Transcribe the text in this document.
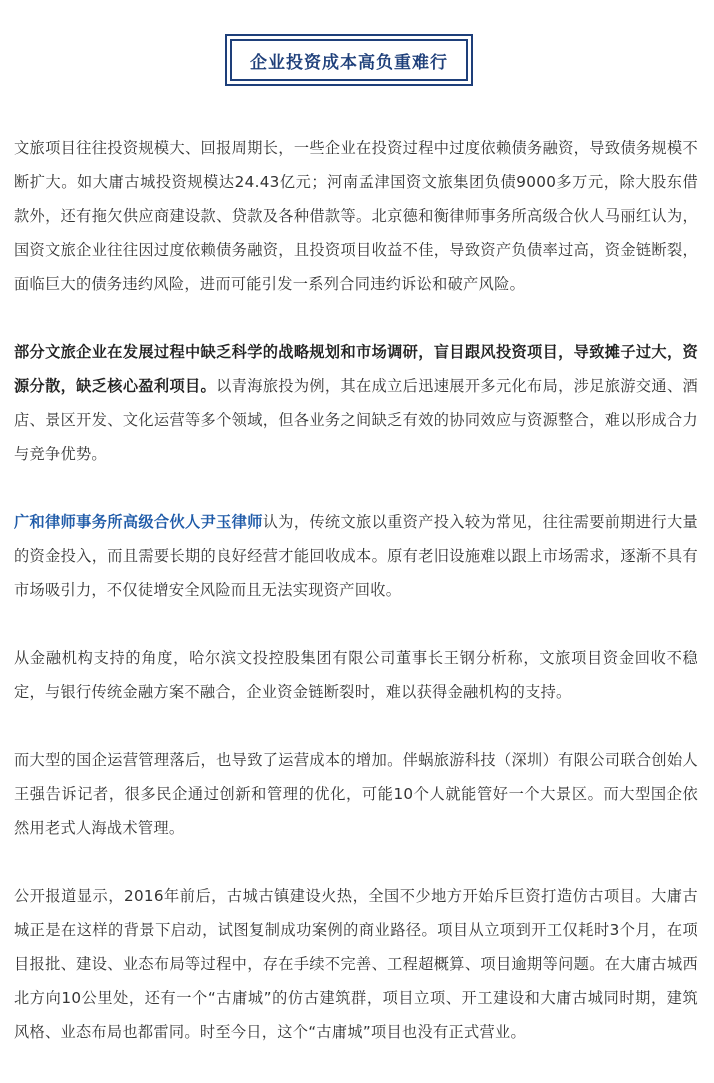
企业投资成本高负重难行

文旅项目往往投资规模大、回报周期长，一些企业在投资过程中过度依赖债务融资，导致债务规模不断扩大。如大庸古城投资规模达24.43亿元；河南孟津国资文旅集团负债9000多万元，除大股东借款外，还有拖欠供应商建设款、贷款及各种借款等。北京德和衡律师事务所高级合伙人马丽红认为，国资文旅企业往往因过度依赖债务融资，且投资项目收益不佳，导致资产负债率过高，资金链断裂，面临巨大的债务违约风险，进而可能引发一系列合同违约诉讼和破产风险。

部分文旅企业在发展过程中缺乏科学的战略规划和市场调研，盲目跟风投资项目，导致摊子过大，资源分散，缺乏核心盈利项目。以青海旅投为例，其在成立后迅速展开多元化布局，涉足旅游交通、酒店、景区开发、文化运营等多个领域，但各业务之间缺乏有效的协同效应与资源整合，难以形成合力与竞争优势。

广和律师事务所高级合伙人尹玉律师认为，传统文旅以重资产投入较为常见，往往需要前期进行大量的资金投入，而且需要长期的良好经营才能回收成本。原有老旧设施难以跟上市场需求，逐渐不具有市场吸引力，不仅徒增安全风险而且无法实现资产回收。

从金融机构支持的角度，哈尔滨文投控股集团有限公司董事长王钢分析称，文旅项目资金回收不稳定，与银行传统金融方案不融合，企业资金链断裂时，难以获得金融机构的支持。

而大型的国企运营管理落后，也导致了运营成本的增加。伴蜗旅游科技（深圳）有限公司联合创始人王强告诉记者，很多民企通过创新和管理的优化，可能10个人就能管好一个大景区。而大型国企依然用老式人海战术管理。

公开报道显示，2016年前后，古城古镇建设火热，全国不少地方开始斥巨资打造仿古项目。大庸古城正是在这样的背景下启动，试图复制成功案例的商业路径。项目从立项到开工仅耗时3个月，在项目报批、建设、业态布局等过程中，存在手续不完善、工程超概算、项目逾期等问题。在大庸古城西北方向10公里处，还有一个“古庸城”的仿古建筑群，项目立项、开工建设和大庸古城同时期，建筑风格、业态布局也都雷同。时至今日，这个“古庸城”项目也没有正式营业。
